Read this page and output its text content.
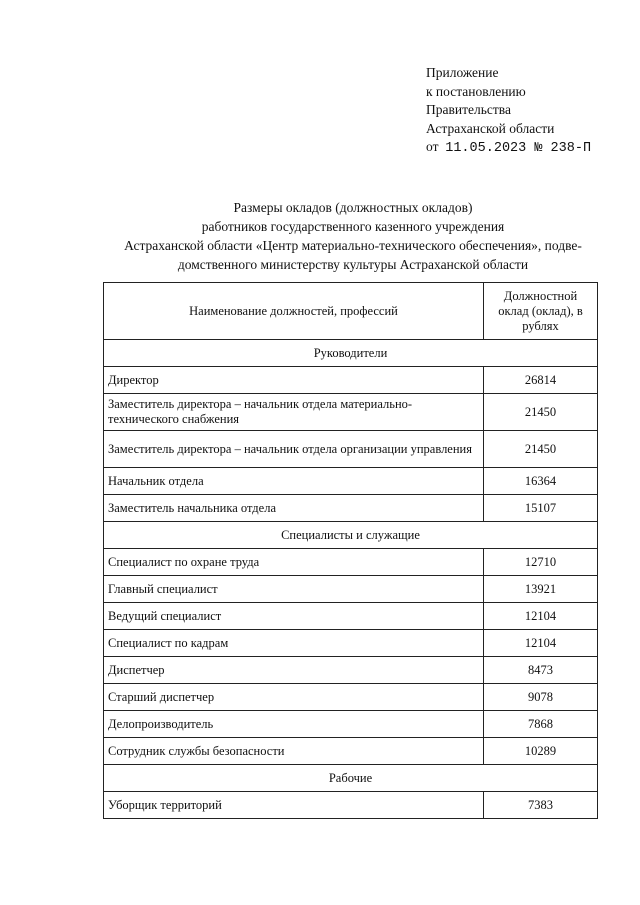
Приложение
к постановлению
Правительства
Астраханской области
от 11.05.2023 № 238-П
Размеры окладов (должностных окладов)
работников государственного казенного учреждения
Астраханской области «Центр материально-технического обеспечения», подве-
домственного министерству культуры Астраханской области
Наименование должностей, профессий	Должностной оклад (оклад), в рублях
Руководители	
Директор	26814
Заместитель директора – начальник отдела материально-технического снабжения	21450
Заместитель директора – начальник отдела организации управления	21450
Начальник отдела	16364
Заместитель начальника отдела	15107
Специалисты и служащие	
Специалист по охране труда	12710
Главный специалист	13921
Ведущий специалист	12104
Специалист по кадрам	12104
Диспетчер	8473
Старший диспетчер	9078
Делопроизводитель	7868
Сотрудник службы безопасности	10289
Рабочие	
Уборщик территорий	7383
